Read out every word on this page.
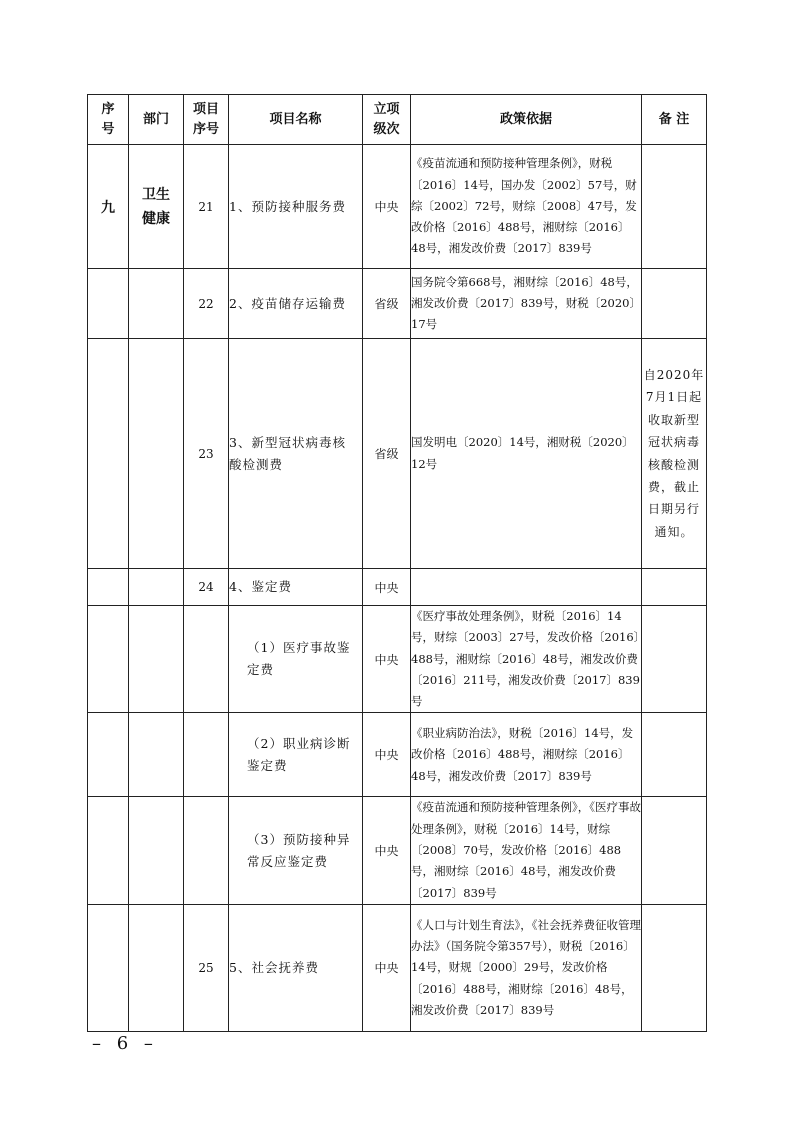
序号	部门	项目序号	项目名称	立项级次	政策依据	备 注
九	卫生健康	21	1、预防接种服务费	中央	《疫苗流通和预防接种管理条例》，财税〔2016〕14号，国办发〔2002〕57号，财综〔2002〕72号，财综〔2008〕47号，发改价格〔2016〕488号，湘财综〔2016〕48号，湘发改价费〔2017〕839号	
		22	2、疫苗储存运输费	省级	国务院令第668号，湘财综〔2016〕48号，湘发改价费〔2017〕839号，财税〔2020〕17号	
		23	3、新型冠状病毒核酸检测费	省级	国发明电〔2020〕14号，湘财税〔2020〕12号	自2020年7月1日起收取新型冠状病毒核酸检测费，截止日期另行通知。
		24	4、鉴定费	中央		
			（1）医疗事故鉴定费	中央	《医疗事故处理条例》，财税〔2016〕14号，财综〔2003〕27号，发改价格〔2016〕488号，湘财综〔2016〕48号，湘发改价费〔2016〕211号，湘发改价费〔2017〕839号	
			（2）职业病诊断鉴定费	中央	《职业病防治法》，财税〔2016〕14号，发改价格〔2016〕488号，湘财综〔2016〕48号，湘发改价费〔2017〕839号	
			（3）预防接种异常反应鉴定费	中央	《疫苗流通和预防接种管理条例》，《医疗事故处理条例》，财税〔2016〕14号，财综〔2008〕70号，发改价格〔2016〕488号，湘财综〔2016〕48号，湘发改价费〔2017〕839号	
		25	5、社会抚养费	中央	《人口与计划生育法》，《社会抚养费征收管理办法》（国务院令第357号），财税〔2016〕14号，财规〔2000〕29号，发改价格〔2016〕488号，湘财综〔2016〕48号，湘发改价费〔2017〕839号	
– 6 –
